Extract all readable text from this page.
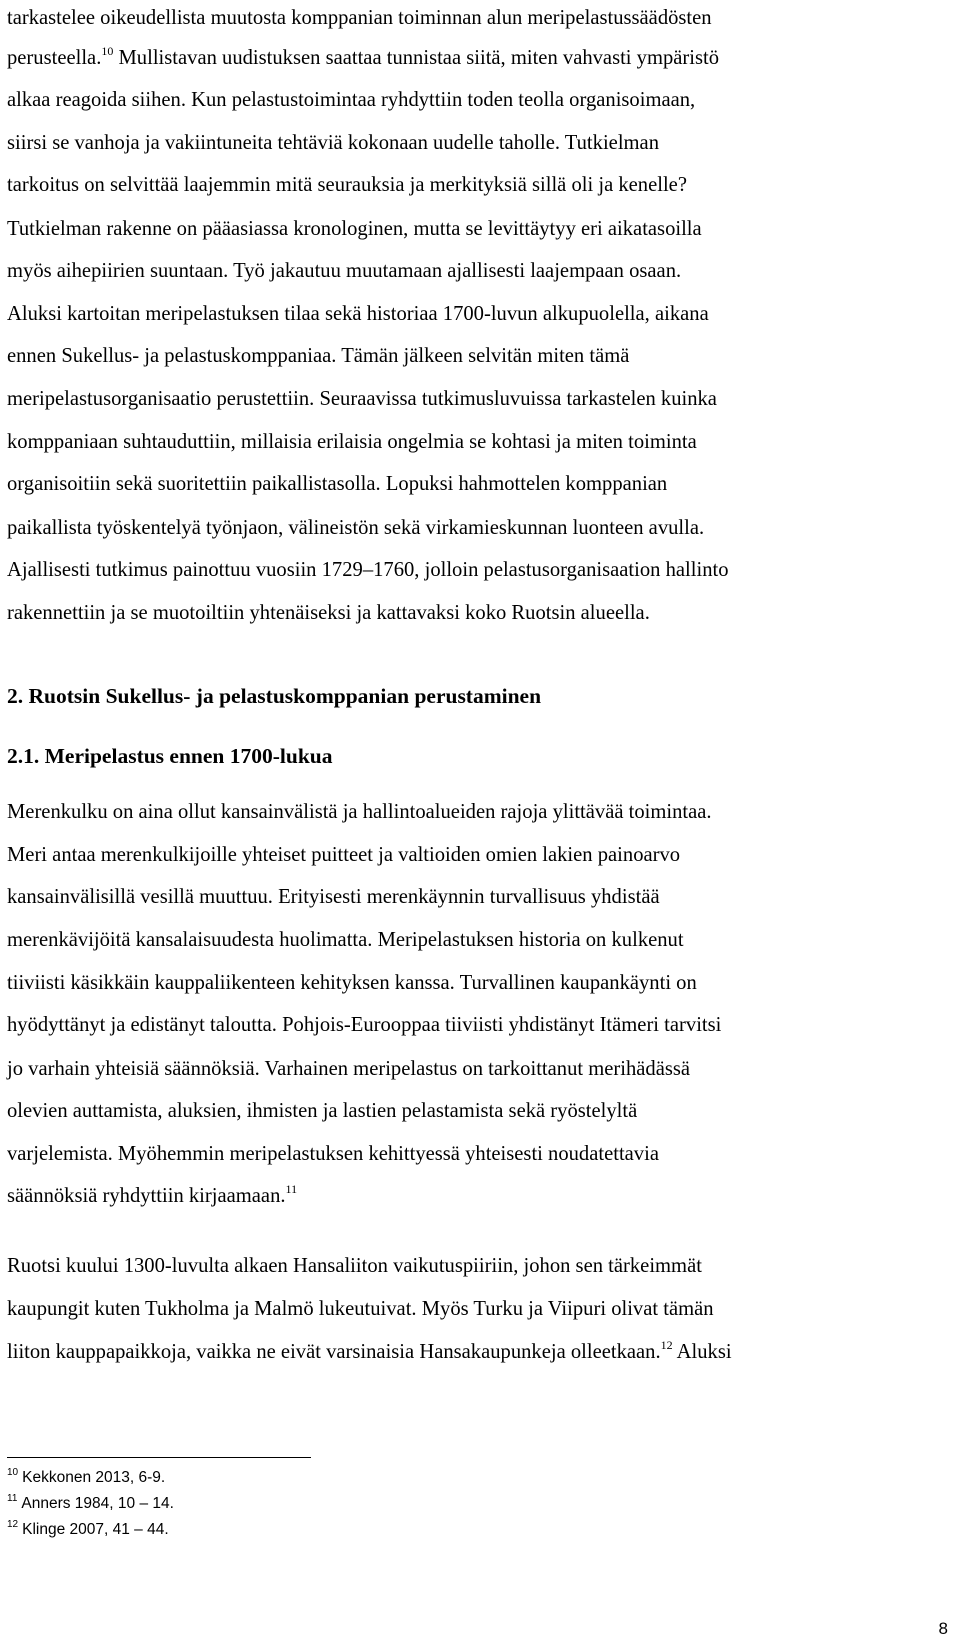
tarkastelee oikeudellista muutosta komppanian toiminnan alun meripelastussäädösten
perusteella.$^{10}$ Mullistavan uudistuksen saattaa tunnistaa siitä, miten vahvasti ympäristö
alkaa reagoida siihen. Kun pelastustoimintaa ryhdyttiin toden teolla organisoimaan,
siirsi se vanhoja ja vakiintuneita tehtäviä kokonaan uudelle taholle. Tutkielman
tarkoitus on selvittää laajemmin mitä seurauksia ja merkityksiä sillä oli ja kenelle?
Tutkielman rakenne on pääasiassa kronologinen, mutta se levittäytyy eri aikatasoilla
myös aihepiirien suuntaan. Työ jakautuu muutamaan ajallisesti laajempaan osaan.
Aluksi kartoitan meripelastuksen tilaa sekä historiaa 1700-luvun alkupuolella, aikana
ennen Sukellus- ja pelastuskomppaniaa. Tämän jälkeen selvitän miten tämä
meripelastusorganisaatio perustettiin. Seuraavissa tutkimusluvuissa tarkastelen kuinka
komppaniaan suhtauduttiin, millaisia erilaisia ongelmia se kohtasi ja miten toiminta
organisoitiin sekä suoritettiin paikallistasolla. Lopuksi hahmottelen komppanian
paikallista työskentelyä työnjaon, välineistön sekä virkamieskunnan luonteen avulla.
Ajallisesti tutkimus painottuu vuosiin 1729–1760, jolloin pelastusorganisaation hallinto
rakennettiin ja se muotoiltiin yhtenäiseksi ja kattavaksi koko Ruotsin alueella.
2. Ruotsin Sukellus- ja pelastuskomppanian perustaminen
2.1. Meripelastus ennen 1700-lukua
Merenkulku on aina ollut kansainvälistä ja hallintoalueiden rajoja ylittävää toimintaa.
Meri antaa merenkulkijoille yhteiset puitteet ja valtioiden omien lakien painoarvo
kansainvälisillä vesillä muuttuu. Erityisesti merenkäynnin turvallisuus yhdistää
merenkävijöitä kansalaisuudesta huolimatta. Meripelastuksen historia on kulkenut
tiiviisti käsikkäin kauppaliikenteen kehityksen kanssa. Turvallinen kaupankäynti on
hyödyttänyt ja edistänyt taloutta. Pohjois-Eurooppaa tiiviisti yhdistänyt Itämeri tarvitsi
jo varhain yhteisiä säännöksiä. Varhainen meripelastus on tarkoittanut merihädässä
olevien auttamista, aluksien, ihmisten ja lastien pelastamista sekä ryöstelyltä
varjelemista. Myöhemmin meripelastuksen kehittyessä yhteisesti noudatettavia
säännöksiä ryhdyttiin kirjaamaan.$^{11}$
Ruotsi kuului 1300-luvulta alkaen Hansaliiton vaikutuspiiriin, johon sen tärkeimmät
kaupungit kuten Tukholma ja Malmö lukeutuivat. Myös Turku ja Viipuri olivat tämän
liiton kauppapaikkoja, vaikka ne eivät varsinaisia Hansakaupunkeja olleetkaan.$^{12}$ Aluksi
$^{10}$ Kekkonen 2013, 6-9.
$^{11}$ Anners 1984, 10 – 14.
$^{12}$ Klinge 2007, 41 – 44.
8
